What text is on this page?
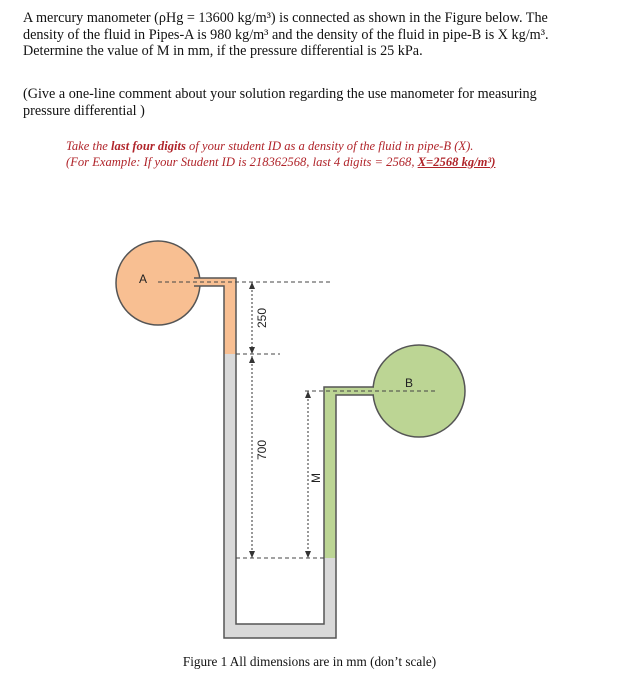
A mercury manometer (ρHg = 13600 kg/m³) is connected as shown in the Figure below. The
density of the fluid in Pipes-A is 980 kg/m³ and the density of the fluid in pipe-B is X kg/m³.
Determine the value of M in mm, if the pressure differential is 25 kPa.
(Give a one-line comment about your solution regarding the use manometer for measuring
pressure differential )
Take the last four digits of your student ID as a density of the fluid in pipe-B (X).
(For Example: If your Student ID is 218362568, last 4 digits = 2568, X=2568 kg/m³)
A
B
250
700
M
Figure 1 All dimensions are in mm (don’t scale)
